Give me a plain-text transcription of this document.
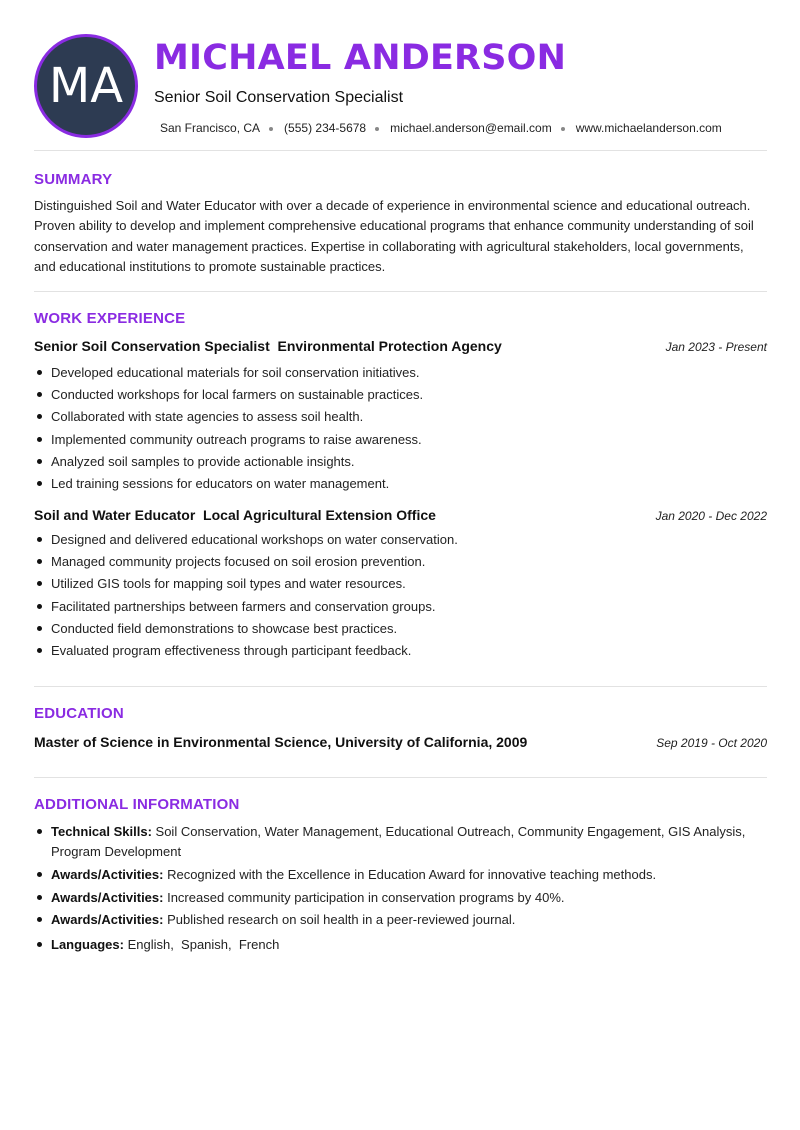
MA MICHAEL ANDERSON
Senior Soil Conservation Specialist
San Francisco, CA (555) 234-5678 michael.anderson@email.com www.michaelanderson.com
SUMMARY
Distinguished Soil and Water Educator with over a decade of experience in environmental science and educational outreach. Proven ability to develop and implement comprehensive educational programs that enhance community understanding of soil conservation and water management practices. Expertise in collaborating with agricultural stakeholders, local governments, and educational institutions to promote sustainable practices.
WORK EXPERIENCE
Senior Soil Conservation Specialist  Environmental Protection Agency	Jan 2023 - Present
Developed educational materials for soil conservation initiatives.
Conducted workshops for local farmers on sustainable practices.
Collaborated with state agencies to assess soil health.
Implemented community outreach programs to raise awareness.
Analyzed soil samples to provide actionable insights.
Led training sessions for educators on water management.
Soil and Water Educator  Local Agricultural Extension Office	Jan 2020 - Dec 2022
Designed and delivered educational workshops on water conservation.
Managed community projects focused on soil erosion prevention.
Utilized GIS tools for mapping soil types and water resources.
Facilitated partnerships between farmers and conservation groups.
Conducted field demonstrations to showcase best practices.
Evaluated program effectiveness through participant feedback.
EDUCATION
Master of Science in Environmental Science, University of California, 2009	Sep 2019 - Oct 2020
ADDITIONAL INFORMATION
Technical Skills: Soil Conservation, Water Management, Educational Outreach, Community Engagement, GIS Analysis, Program Development
Awards/Activities: Recognized with the Excellence in Education Award for innovative teaching methods.
Awards/Activities: Increased community participation in conservation programs by 40%.
Awards/Activities: Published research on soil health in a peer-reviewed journal.
Languages: English,  Spanish,  French
